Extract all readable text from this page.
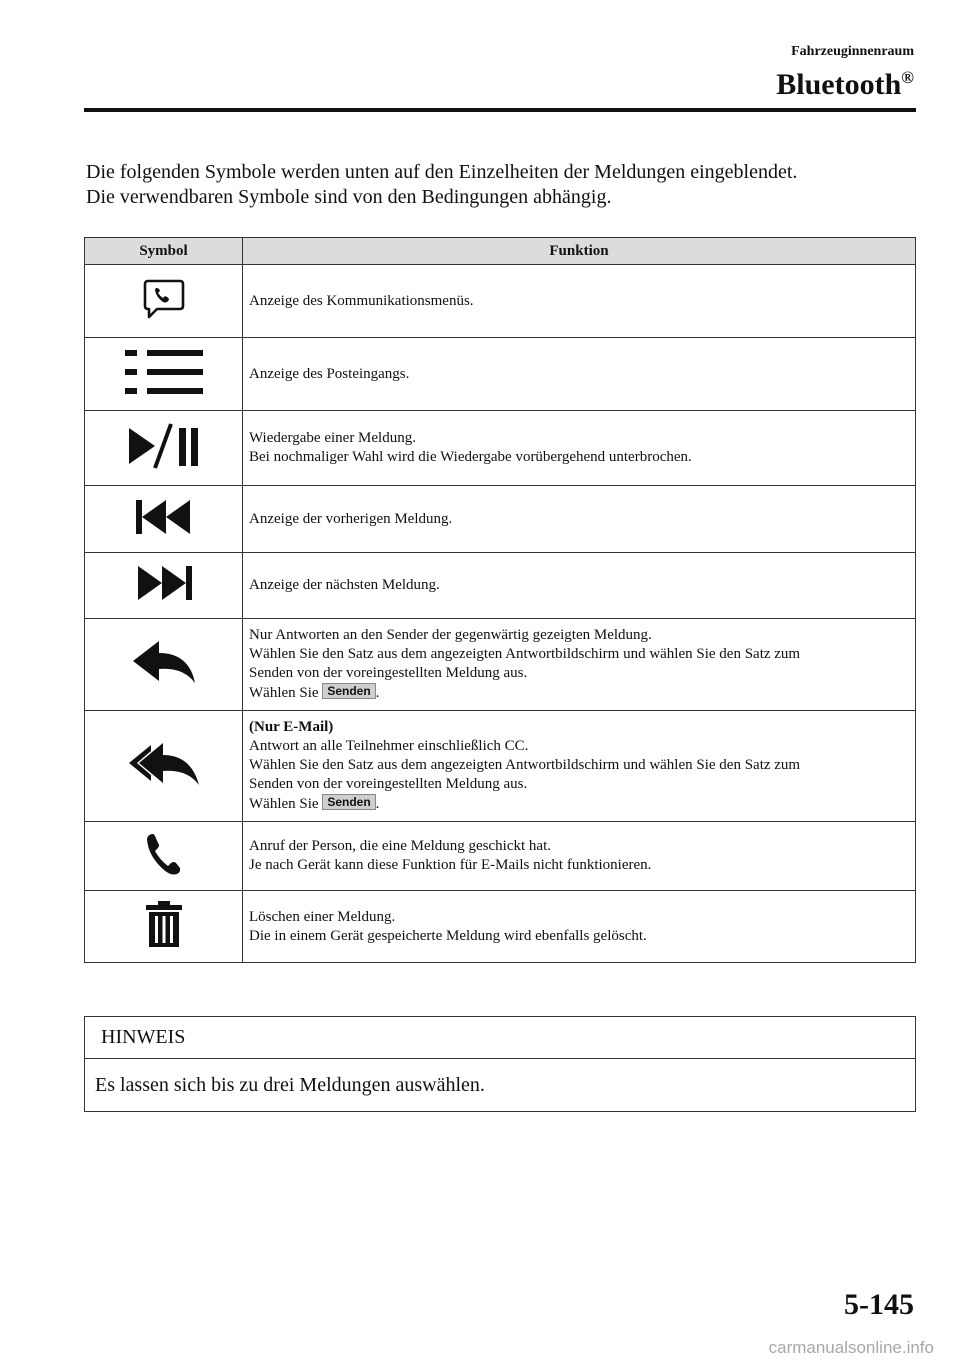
Fahrzeuginnenraum
Bluetooth®
Die folgenden Symbole werden unten auf den Einzelheiten der Meldungen eingeblendet.
Die verwendbaren Symbole sind von den Bedingungen abhängig.
Symbol	Funktion

Anzeige des Kommunikationsmenüs.

Anzeige des Posteingangs.

Wiedergabe einer Meldung.
Bei nochmaliger Wahl wird die Wiedergabe vorübergehend unterbrochen.

Anzeige der vorherigen Meldung.

Anzeige der nächsten Meldung.

Nur Antworten an den Sender der gegenwärtig gezeigten Meldung.
Wählen Sie den Satz aus dem angezeigten Antwortbildschirm und wählen Sie den Satz zum
Senden von der voreingestellten Meldung aus.
Wählen Sie Senden .

(Nur E-Mail)
Antwort an alle Teilnehmer einschließlich CC.
Wählen Sie den Satz aus dem angezeigten Antwortbildschirm und wählen Sie den Satz zum
Senden von der voreingestellten Meldung aus.
Wählen Sie Senden .

Anruf der Person, die eine Meldung geschickt hat.
Je nach Gerät kann diese Funktion für E-Mails nicht funktionieren.

Löschen einer Meldung.
Die in einem Gerät gespeicherte Meldung wird ebenfalls gelöscht.
HINWEIS
Es lassen sich bis zu drei Meldungen auswählen.
5-145
carmanualsonline.info
